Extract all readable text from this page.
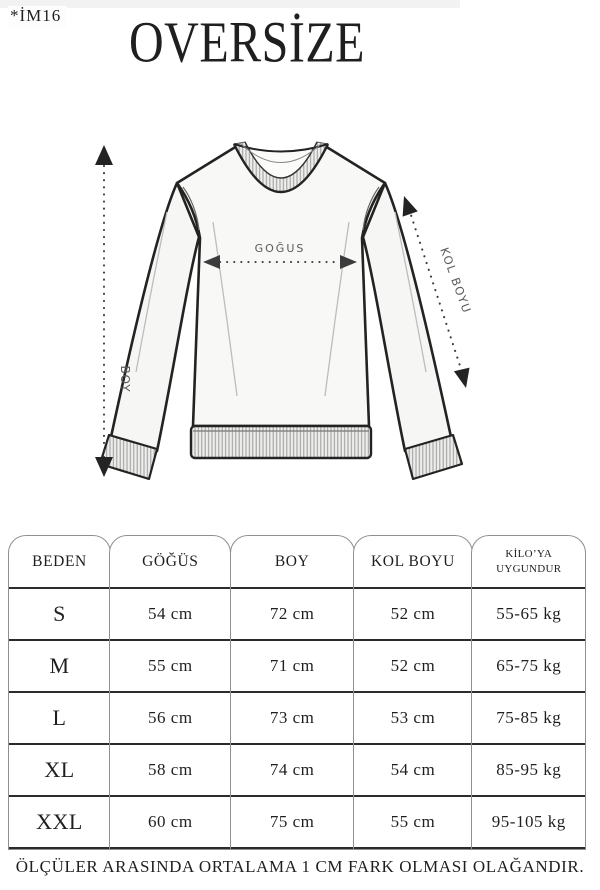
*İM16	OVERSİZE
BOY
GOĞUS	KOL BOYU
BEDEN
S
M
L
XL
XXL
GÖĞÜS
54 cm
55 cm
56 cm
58 cm
60 cm
BOY
72 cm
71 cm
73 cm
74 cm
75 cm
KOL BOYU
52 cm
52 cm
53 cm
54 cm
55 cm
KİLO’YA UYGUNDUR
55-65 kg
65-75 kg
75-85 kg
85-95 kg
95-105 kg
ÖLÇÜLER ARASINDA ORTALAMA 1 CM FARK OLMASI OLAĞANDIR.
